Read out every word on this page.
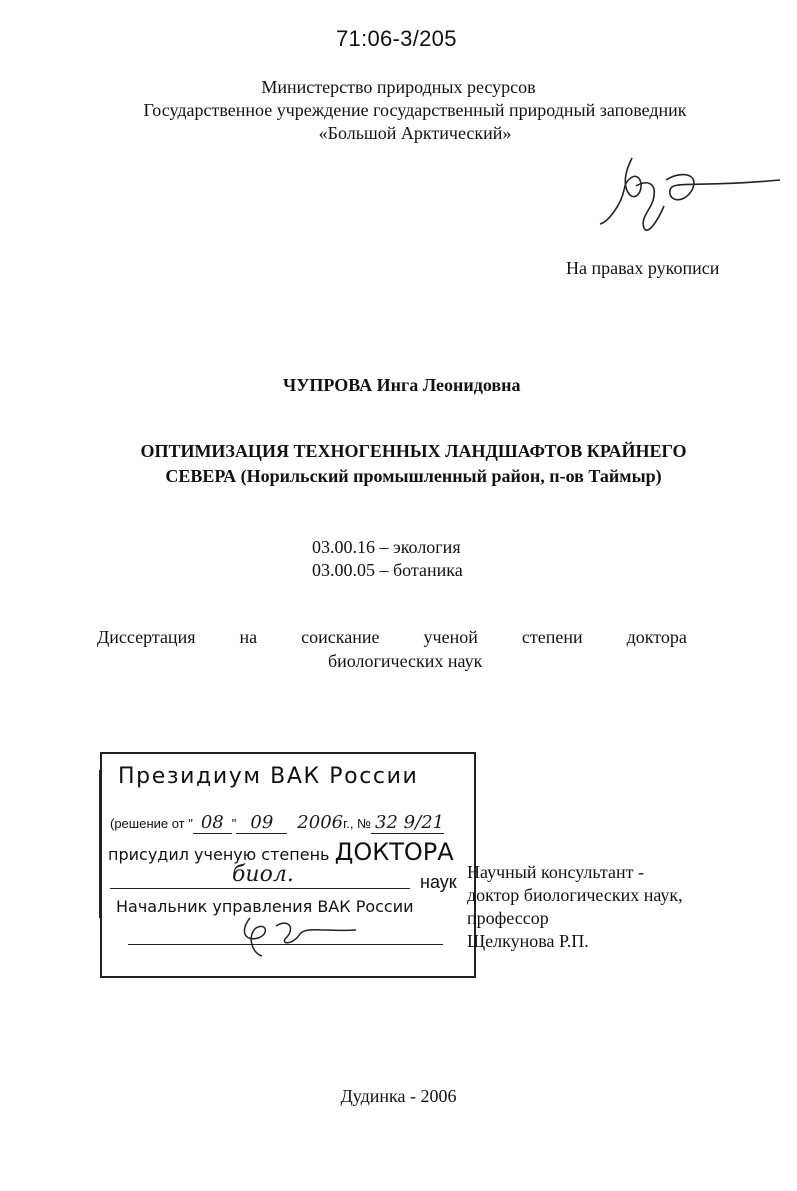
71:06-3/205
Министерство природных ресурсов
Государственное учреждение государственный природный заповедник
«Большой Арктический»
На правах рукописи
ЧУПРОВА Инга Леонидовна
ОПТИМИЗАЦИЯ ТЕХНОГЕННЫХ ЛАНДШАФТОВ КРАЙНЕГО
СЕВЕРА (Норильский промышленный район, п-ов Таймыр)
03.00.16 – экология
03.00.05 – ботаника
Диссертация на соискание ученой степени доктора
биологических наук
Президиум ВАК России
(решение от " 08 " 09 2006г., № 32 9/21
присудил ученую степень ДОКТОРА
биол.	наук
Начальник управления ВАК России
Научный консультант -
доктор биологических наук,
профессор
Щелкунова Р.П.
Дудинка - 2006
